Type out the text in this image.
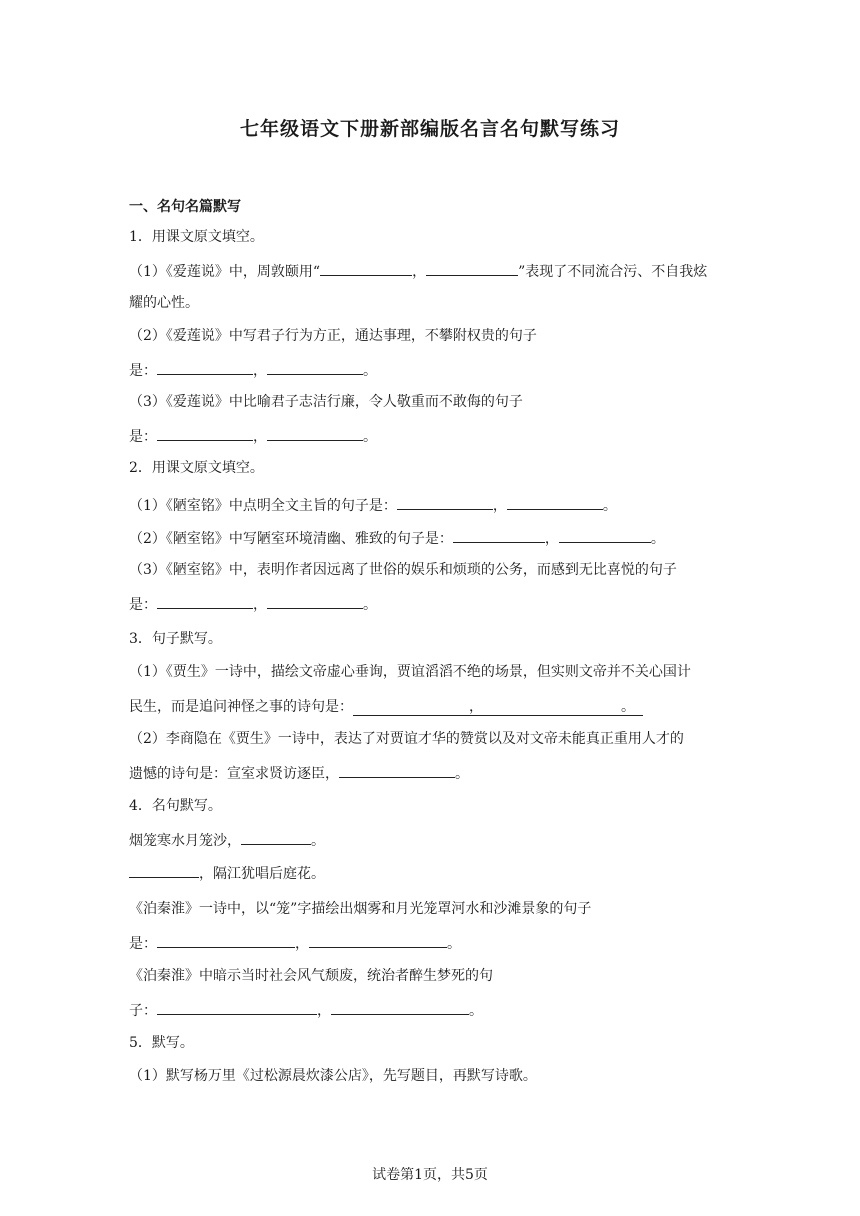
七年级语文下册新部编版名言名句默写练习
一、名句名篇默写
1．用课文原文填空。
（1）《爱莲说》中，周敦颐用“	，	”表现了不同流合污、不自我炫
耀的心性。
（2）《爱莲说》中写君子行为方正，通达事理，不攀附权贵的句子
是：	，	。
（3）《爱莲说》中比喻君子志洁行廉，令人敬重而不敢侮的句子
是：	，	。
2．用课文原文填空。
（1）《陋室铭》中点明全文主旨的句子是：	，	。
（2）《陋室铭》中写陋室环境清幽、雅致的句子是：	，	。
（3）《陋室铭》中，表明作者因远离了世俗的娱乐和烦琐的公务，而感到无比喜悦的句子
是：	，	。
3．句子默写。
（1）《贾生》一诗中，描绘文帝虚心垂询，贾谊滔滔不绝的场景，但实则文帝并不关心国计
民生，而是追问神怪之事的诗句是：	，	。
（2）李商隐在《贾生》一诗中，表达了对贾谊才华的赞赏以及对文帝未能真正重用人才的
遗憾的诗句是：宣室求贤访逐臣，	。
4．名句默写。
烟笼寒水月笼沙，	。
，隔江犹唱后庭花。
《泊秦淮》一诗中，以“笼”字描绘出烟雾和月光笼罩河水和沙滩景象的句子
是：	，	。
《泊秦淮》中暗示当时社会风气颓废，统治者醉生梦死的句
子：	，	。
5．默写。
（1）默写杨万里《过松源晨炊漆公店》，先写题目，再默写诗歌。
试卷第1页，共5页
